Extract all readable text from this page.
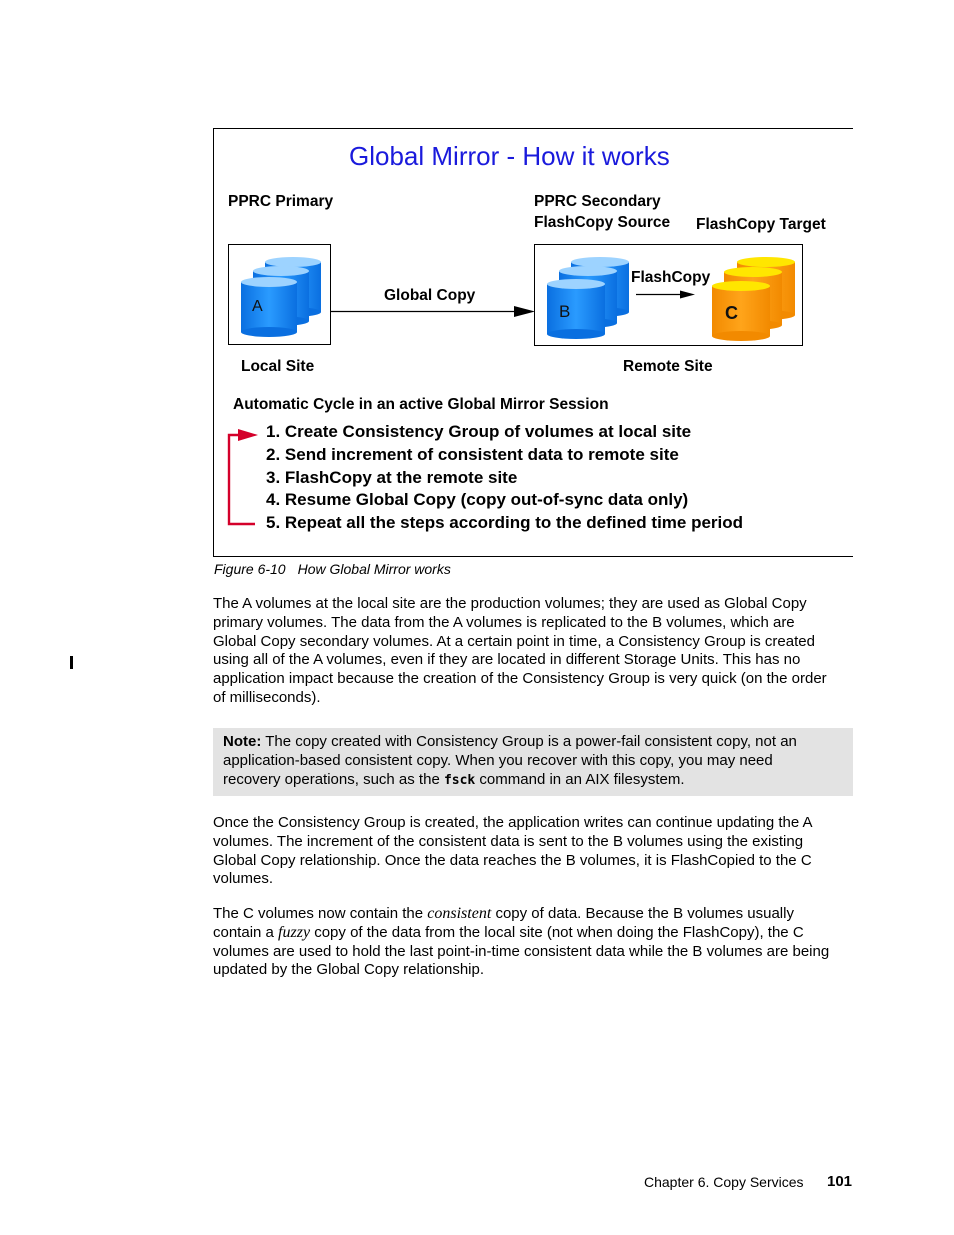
Global Mirror - How it works
PPRC Primary	PPRC Secondary
FlashCopy Source FlashCopy Target
A	B	C
Global Copy
FlashCopy
Local Site	Remote Site
Automatic Cycle in an active Global Mirror Session
1. Create Consistency Group of volumes at local site
2. Send increment of consistent data to remote site
3. FlashCopy at the remote site
4. Resume Global Copy (copy out-of-sync data only)
5. Repeat all the steps according to the defined time period
Figure 6-10 How Global Mirror works

The A volumes at the local site are the production volumes; they are used as Global Copy

primary volumes. The data from the A volumes is replicated to the B volumes, which are

Global Copy secondary volumes. At a certain point in time, a Consistency Group is created

using all of the A volumes, even if they are located in different Storage Units. This has no

application impact because the creation of the Consistency Group is very quick (on the order

of milliseconds).

Note: The copy created with Consistency Group is a power-fail consistent copy, not an

application-based consistent copy. When you recover with this copy, you may need

recovery operations, such as the fsck command in an AIX filesystem.

Once the Consistency Group is created, the application writes can continue updating the A

volumes. The increment of the consistent data is sent to the B volumes using the existing

Global Copy relationship. Once the data reaches the B volumes, it is FlashCopied to the C

volumes.

The C volumes now contain the consistent copy of data. Because the B volumes usually

contain a fuzzy copy of the data from the local site (not when doing the FlashCopy), the C

volumes are used to hold the last point-in-time consistent data while the B volumes are being

updated by the Global Copy relationship.

Chapter 6. Copy Services 101
